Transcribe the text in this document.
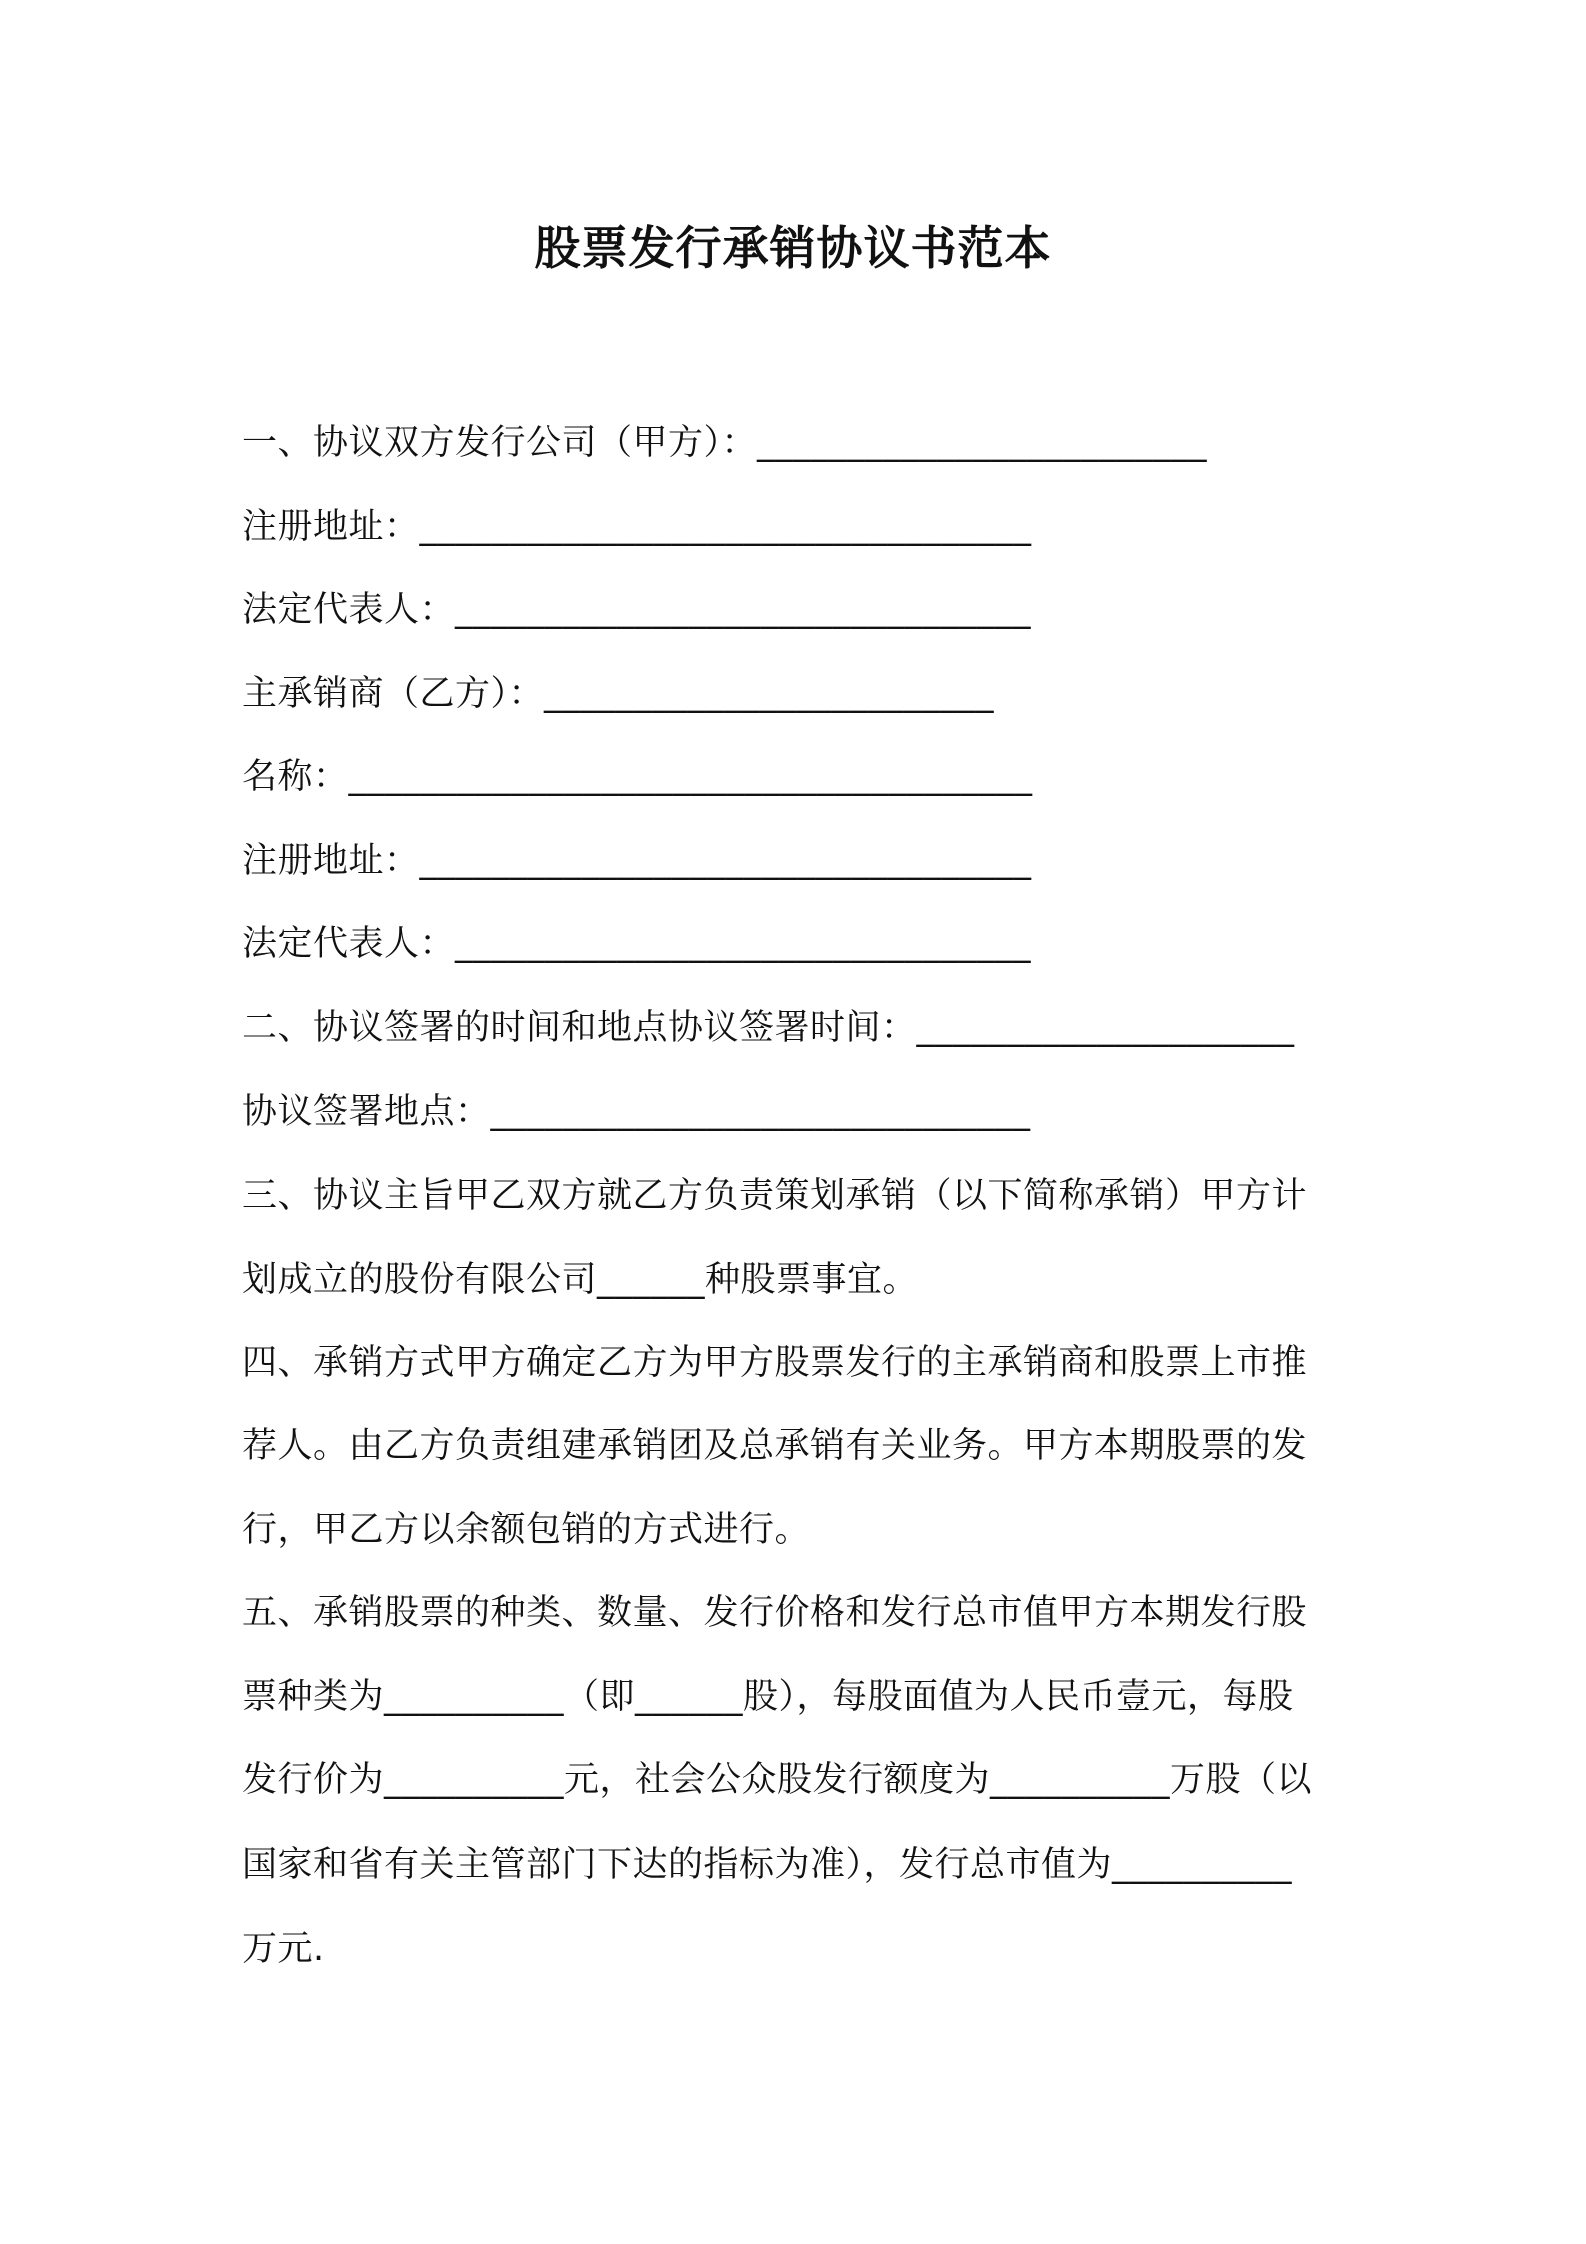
股票发行承销协议书范本
一、协议双方发行公司（甲方）：_________________________
注册地址：__________________________________
法定代表人：________________________________
主承销商（乙方）：_________________________
名称：______________________________________
注册地址：__________________________________
法定代表人：________________________________
二、协议签署的时间和地点协议签署时间：_____________________
协议签署地点：______________________________
三、协议主旨甲乙双方就乙方负责策划承销（以下简称承销）甲方计
划成立的股份有限公司______种股票事宜。
四、承销方式甲方确定乙方为甲方股票发行的主承销商和股票上市推
荐人。由乙方负责组建承销团及总承销有关业务。甲方本期股票的发
行，甲乙方以余额包销的方式进行。
五、承销股票的种类、数量、发行价格和发行总市值甲方本期发行股
票种类为__________（即______股），每股面值为人民币壹元，每股
发行价为__________元，社会公众股发行额度为__________万股（以
国家和省有关主管部门下达的指标为准），发行总市值为__________
万元.
